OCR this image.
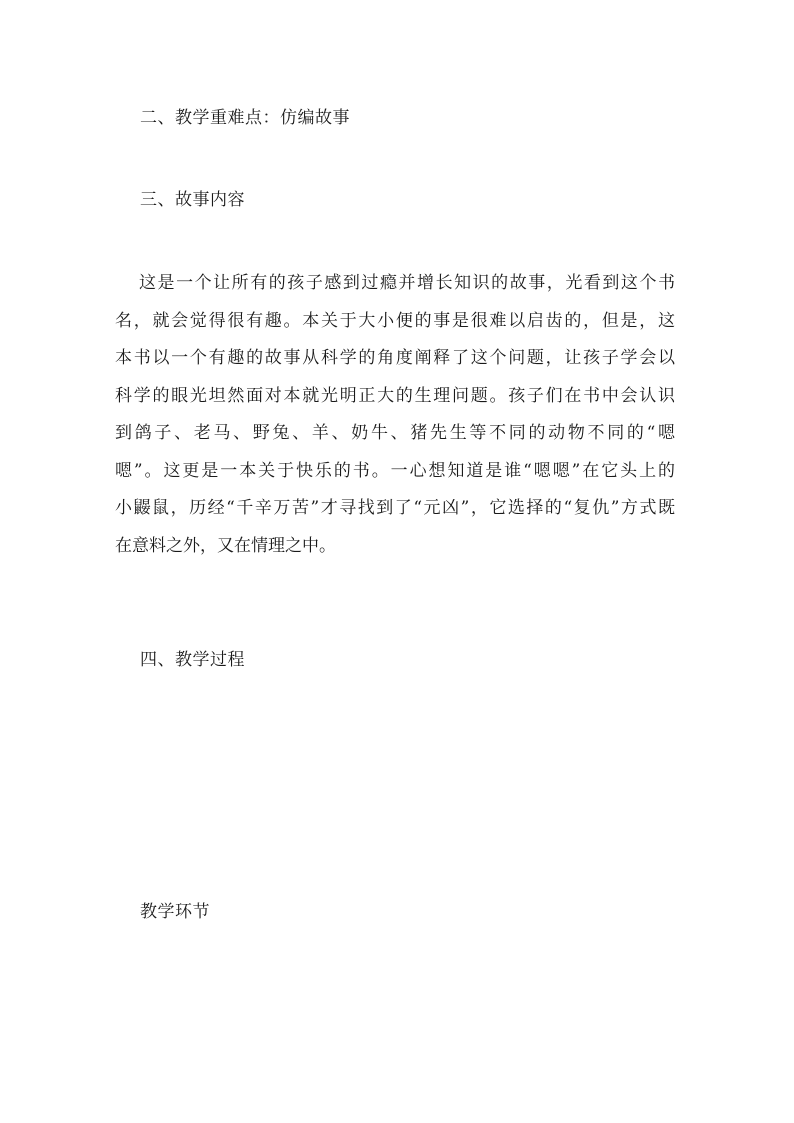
二、教学重难点：仿编故事
三、故事内容
这是一个让所有的孩子感到过瘾并增长知识的故事，光看到这个书
名，就会觉得很有趣。本关于大小便的事是很难以启齿的，但是，这
本书以一个有趣的故事从科学的角度阐释了这个问题，让孩子学会以
科学的眼光坦然面对本就光明正大的生理问题。孩子们在书中会认识
到鸽子、老马、野兔、羊、奶牛、猪先生等不同的动物不同的“嗯
嗯”。这更是一本关于快乐的书。一心想知道是谁“嗯嗯”在它头上的
小鼹鼠，历经“千辛万苦”才寻找到了“元凶”，它选择的“复仇”方式既
在意料之外，又在情理之中。
四、教学过程
教学环节
